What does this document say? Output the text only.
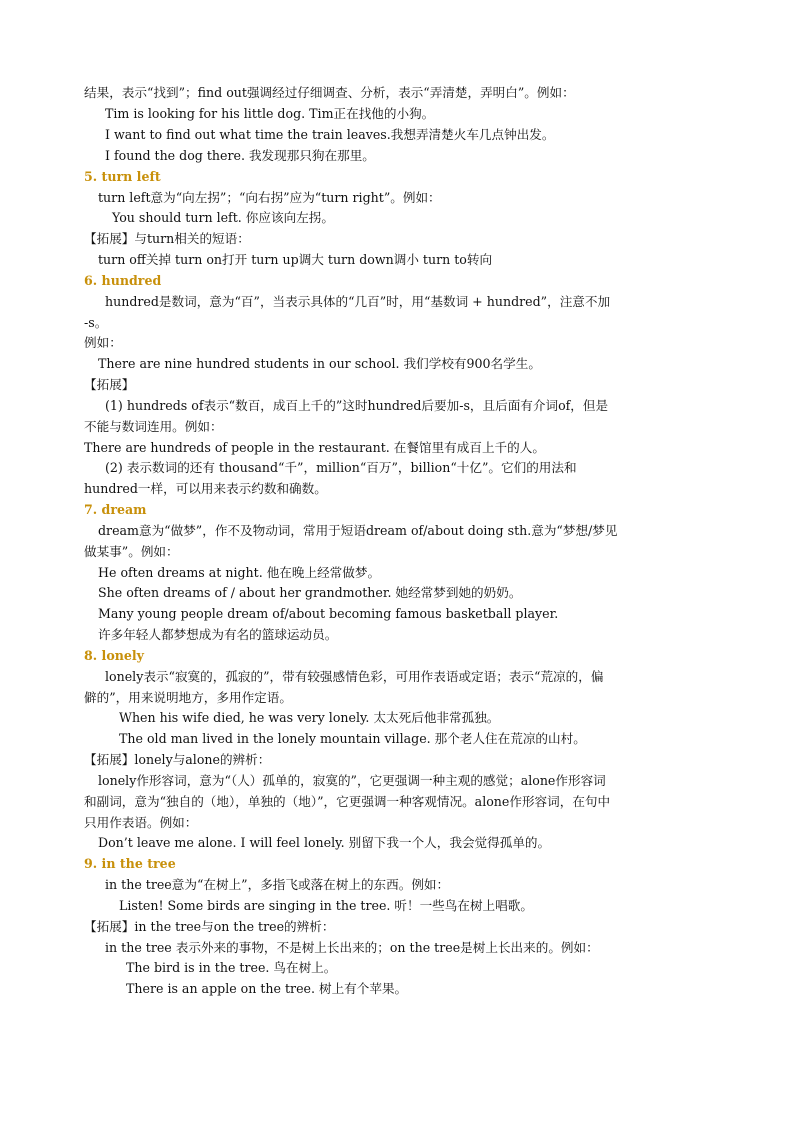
结果，表示“找到”；find out强调经过仔细调查、分析，表示“弄清楚，弄明白”。例如：
Tim is looking for his little dog. Tim正在找他的小狗。
I want to find out what time the train leaves.我想弄清楚火车几点钟出发。
I found the dog there. 我发现那只狗在那里。
5. turn left
turn left意为“向左拐”；“向右拐”应为“turn right”。例如：
You should turn left. 你应该向左拐。
【拓展】与turn相关的短语：
turn off关掉 turn on打开 turn up调大 turn down调小 turn to转向
6. hundred
hundred是数词，意为“百”，当表示具体的“几百”时，用“基数词 + hundred”，注意不加
-s。
例如：
There are nine hundred students in our school. 我们学校有900名学生。
【拓展】
(1) hundreds of表示“数百，成百上千的”这时hundred后要加-s，且后面有介词of，但是
不能与数词连用。例如：
There are hundreds of people in the restaurant. 在餐馆里有成百上千的人。
(2) 表示数词的还有 thousand“千”，million“百万”，billion“十亿”。它们的用法和
hundred一样，可以用来表示约数和确数。
7. dream
dream意为“做梦”，作不及物动词，常用于短语dream of/about doing sth.意为“梦想/梦见
做某事”。例如：
He often dreams at night. 他在晚上经常做梦。
She often dreams of / about her grandmother. 她经常梦到她的奶奶。
Many young people dream of/about becoming famous basketball player.
许多年轻人都梦想成为有名的篮球运动员。
8. lonely
lonely表示“寂寞的，孤寂的”，带有较强感情色彩，可用作表语或定语；表示“荒凉的，偏
僻的”，用来说明地方，多用作定语。
When his wife died, he was very lonely. 太太死后他非常孤独。
The old man lived in the lonely mountain village. 那个老人住在荒凉的山村。
【拓展】lonely与alone的辨析：
lonely作形容词，意为“（人）孤单的，寂寞的”，它更强调一种主观的感觉；alone作形容词
和副词，意为“独自的（地），单独的（地）”，它更强调一种客观情况。alone作形容词，在句中
只用作表语。例如：
Don’t leave me alone. I will feel lonely. 别留下我一个人，我会觉得孤单的。
9. in the tree
in the tree意为“在树上”，多指飞或落在树上的东西。例如：
Listen! Some birds are singing in the tree. 听！一些鸟在树上唱歌。
【拓展】in the tree与on the tree的辨析：
in the tree 表示外来的事物，不是树上长出来的；on the tree是树上长出来的。例如：
The bird is in the tree. 鸟在树上。
There is an apple on the tree. 树上有个苹果。
